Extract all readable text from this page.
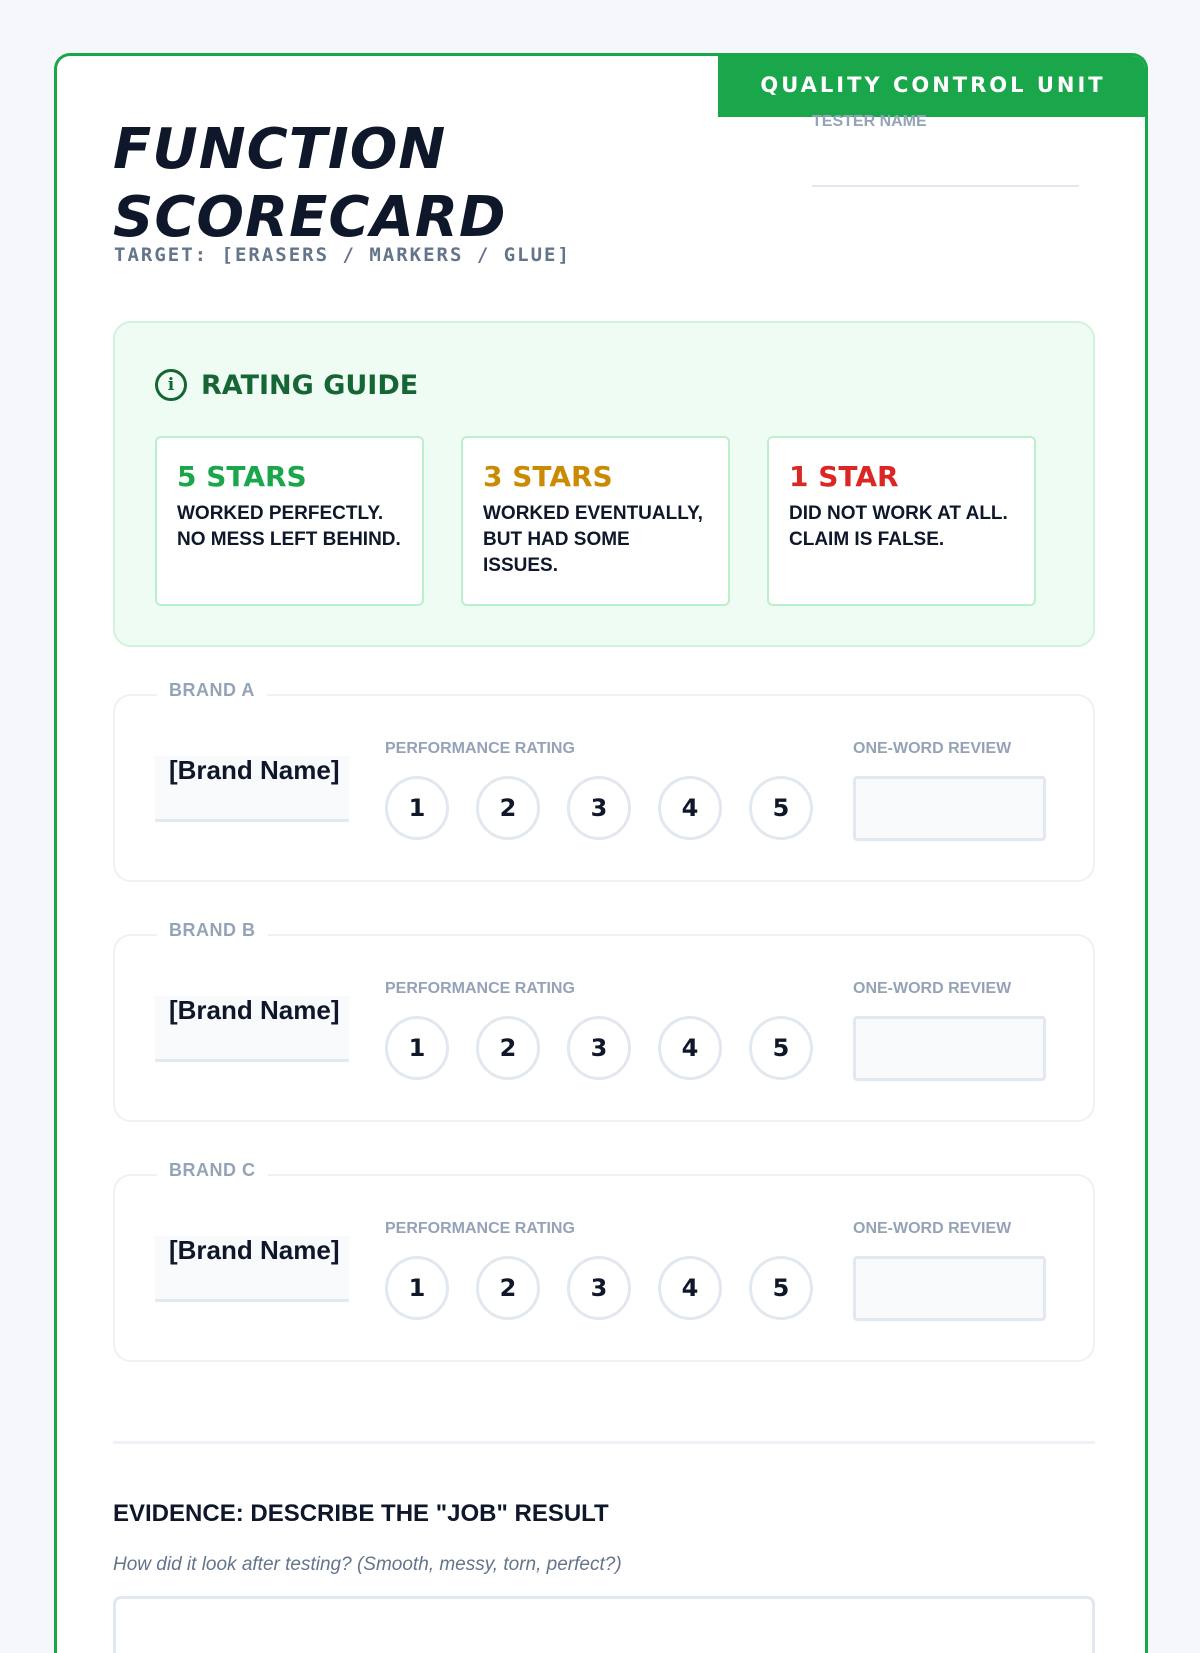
QUALITY CONTROL UNIT
FUNCTION
SCORECARD
TARGET: [ERASERS / MARKERS / GLUE]
TESTER NAME
i RATING GUIDE
5 STARS
WORKED PERFECTLY. NO MESS LEFT BEHIND.
3 STARS
WORKED EVENTUALLY, BUT HAD SOME ISSUES.
1 STAR
DID NOT WORK AT ALL. CLAIM IS FALSE.
BRAND A
[Brand Name]
PERFORMANCE RATING
1	2	3	4	5
ONE-WORD REVIEW
BRAND B
[Brand Name]
PERFORMANCE RATING
1	2	3	4	5
ONE-WORD REVIEW
BRAND C
[Brand Name]
PERFORMANCE RATING
1	2	3	4	5
ONE-WORD REVIEW
EVIDENCE: DESCRIBE THE "JOB" RESULT
How did it look after testing? (Smooth, messy, torn, perfect?)
